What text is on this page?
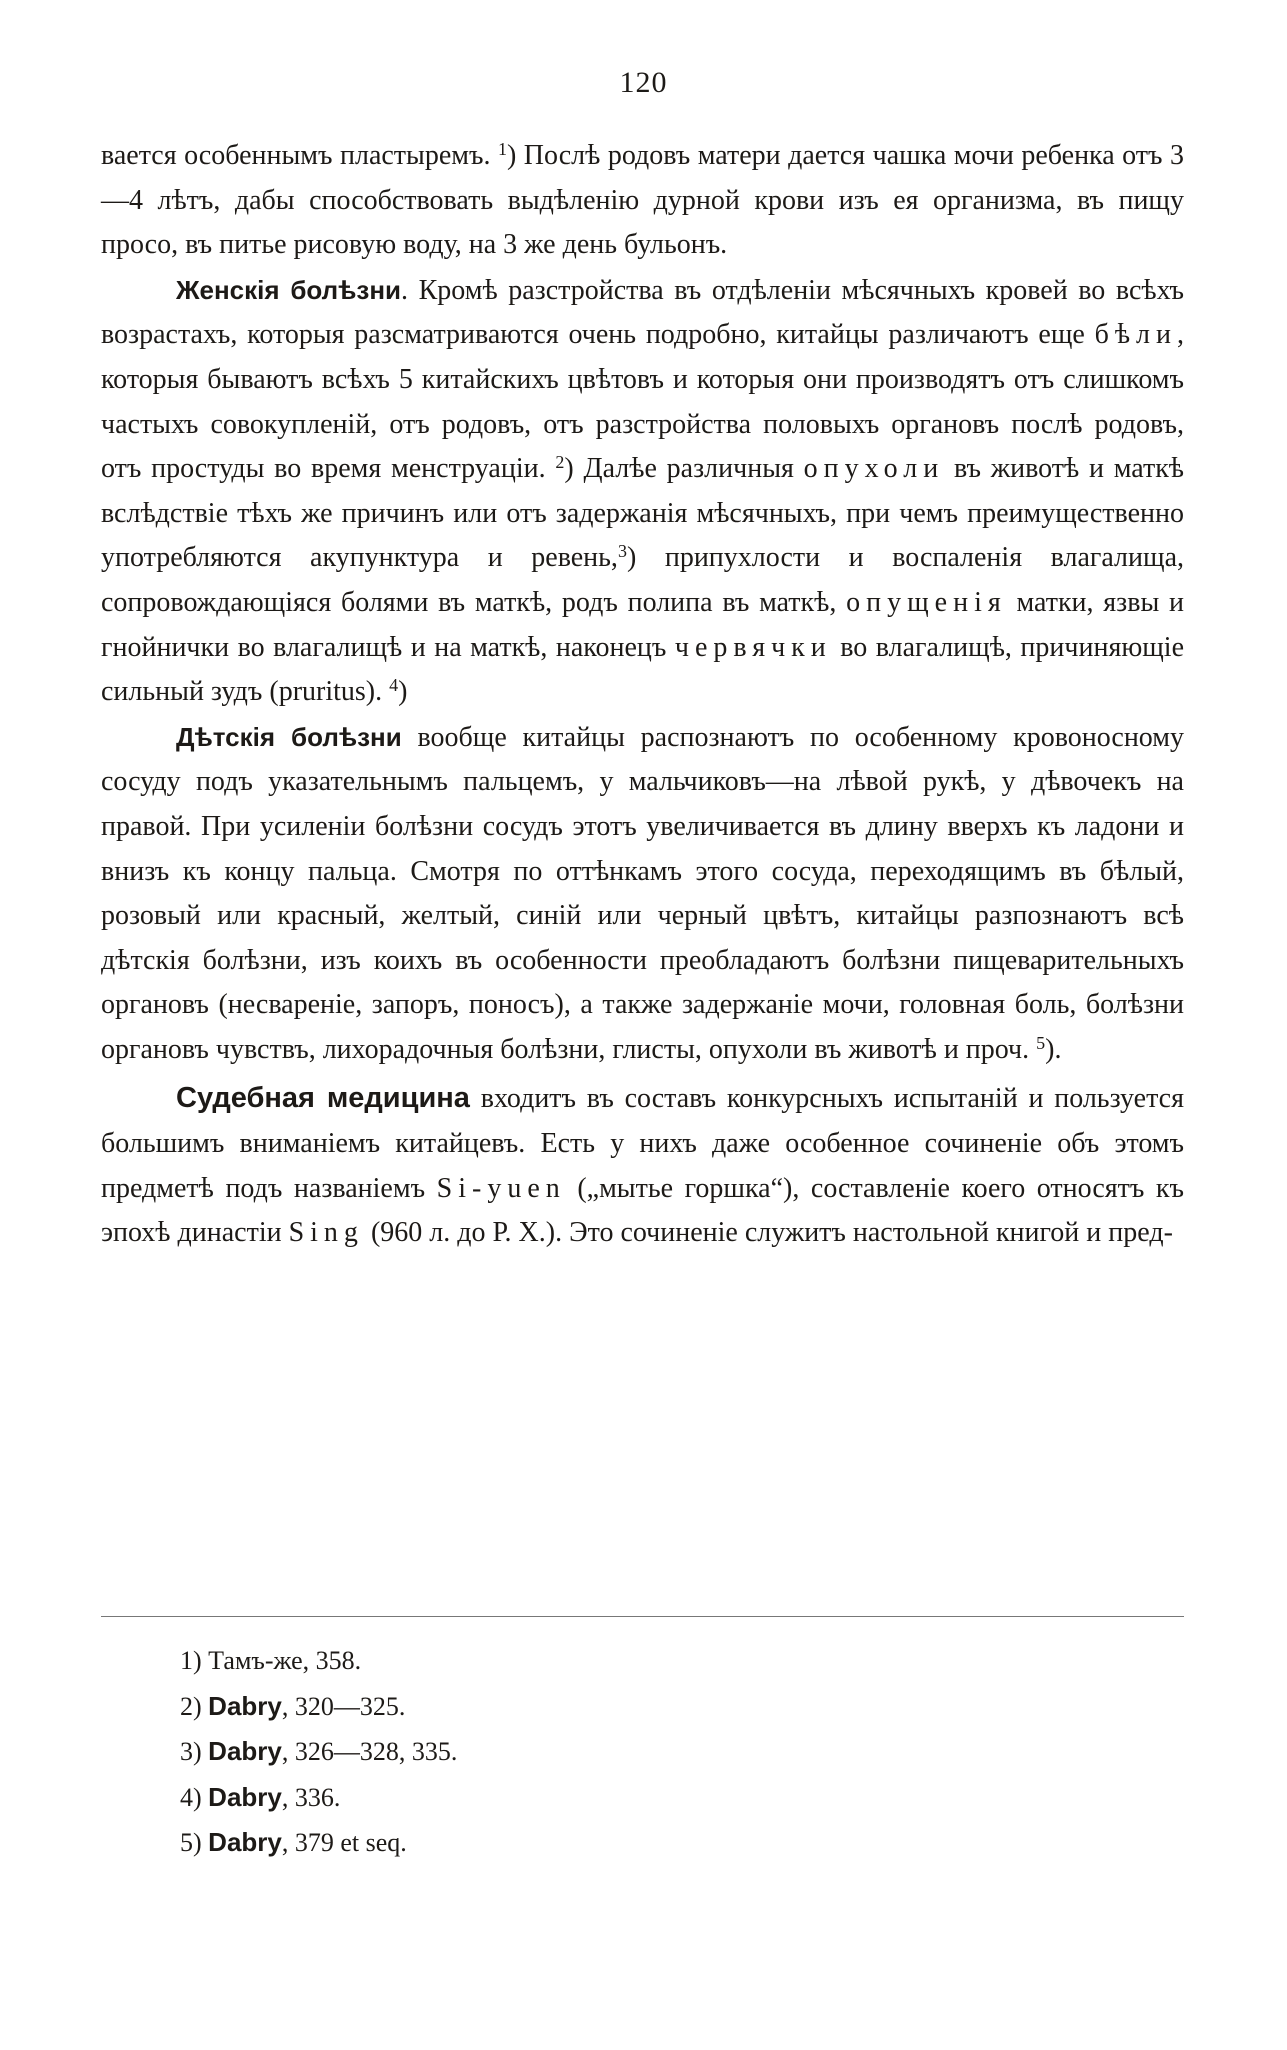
120

вается особеннымъ пластыремъ. $^1$) Послѣ родовъ матери дается чашка мочи ребенка отъ 3—4 лѣтъ, дабы способствовать выдѣленію дурной крови изъ ея организма, въ пищу просо, въ питье рисовую воду, на 3 же день бульонъ.

Женскія болѣзни. Кромѣ разстройства въ отдѣленіи мѣсячныхъ кровей во всѣхъ возрастахъ, которыя разсматриваются очень подробно, китайцы различаютъ еще бѣли, которыя бываютъ всѣхъ 5 китайскихъ цвѣтовъ и которыя они производятъ отъ слишкомъ частыхъ совокупленій, отъ родовъ, отъ разстройства половыхъ органовъ послѣ родовъ, отъ простуды во время менструаціи. $^2$) Далѣе различныя опухоли въ животѣ и маткѣ вслѣдствіе тѣхъ же причинъ или отъ задержанія мѣсячныхъ, при чемъ преимущественно употребляются акупунктура и ревень,$^3$) припухлости и воспаленія влагалища, сопровождающіяся болями въ маткѣ, родъ полипа въ маткѣ, опущенія матки, язвы и гнойнички во влагалищѣ и на маткѣ, наконецъ червячки во влагалищѣ, причиняющіе сильный зудъ (pruritus). $^4$)

Дѣтскія болѣзни вообще китайцы распознаютъ по особенному кровоносному сосуду подъ указательнымъ пальцемъ, у мальчиковъ—на лѣвой рукѣ, у дѣвочекъ на правой. При усиленіи болѣзни сосудъ этотъ увеличивается въ длину вверхъ къ ладони и внизъ къ концу пальца. Смотря по оттѣнкамъ этого сосуда, переходящимъ въ бѣлый, розовый или красный, желтый, синій или черный цвѣтъ, китайцы разпознаютъ всѣ дѣтскія болѣзни, изъ коихъ въ особенности преобладаютъ болѣзни пищеварительныхъ органовъ (несвареніе, запоръ, поносъ), а также задержаніе мочи, головная боль, болѣзни органовъ чувствъ, лихорадочныя болѣзни, глисты, опухоли въ животѣ и проч. $^5$).

Судебная медицина входитъ въ составъ конкурсныхъ испытаній и пользуется большимъ вниманіемъ китайцевъ. Есть у нихъ даже особенное сочиненіе объ этомъ предметѣ подъ названіемъ Si-yuen („мытье горшка“), составленіе коего относятъ къ эпохѣ династіи Sing (960 л. до Р. X.). Это сочиненіе служитъ настольной книгой и пред-

1) Тамъ-же, 358.
2) Dabry, 320—325.
3) Dabry, 326—328, 335.
4) Dabry, 336.
5) Dabry, 379 et seq.
